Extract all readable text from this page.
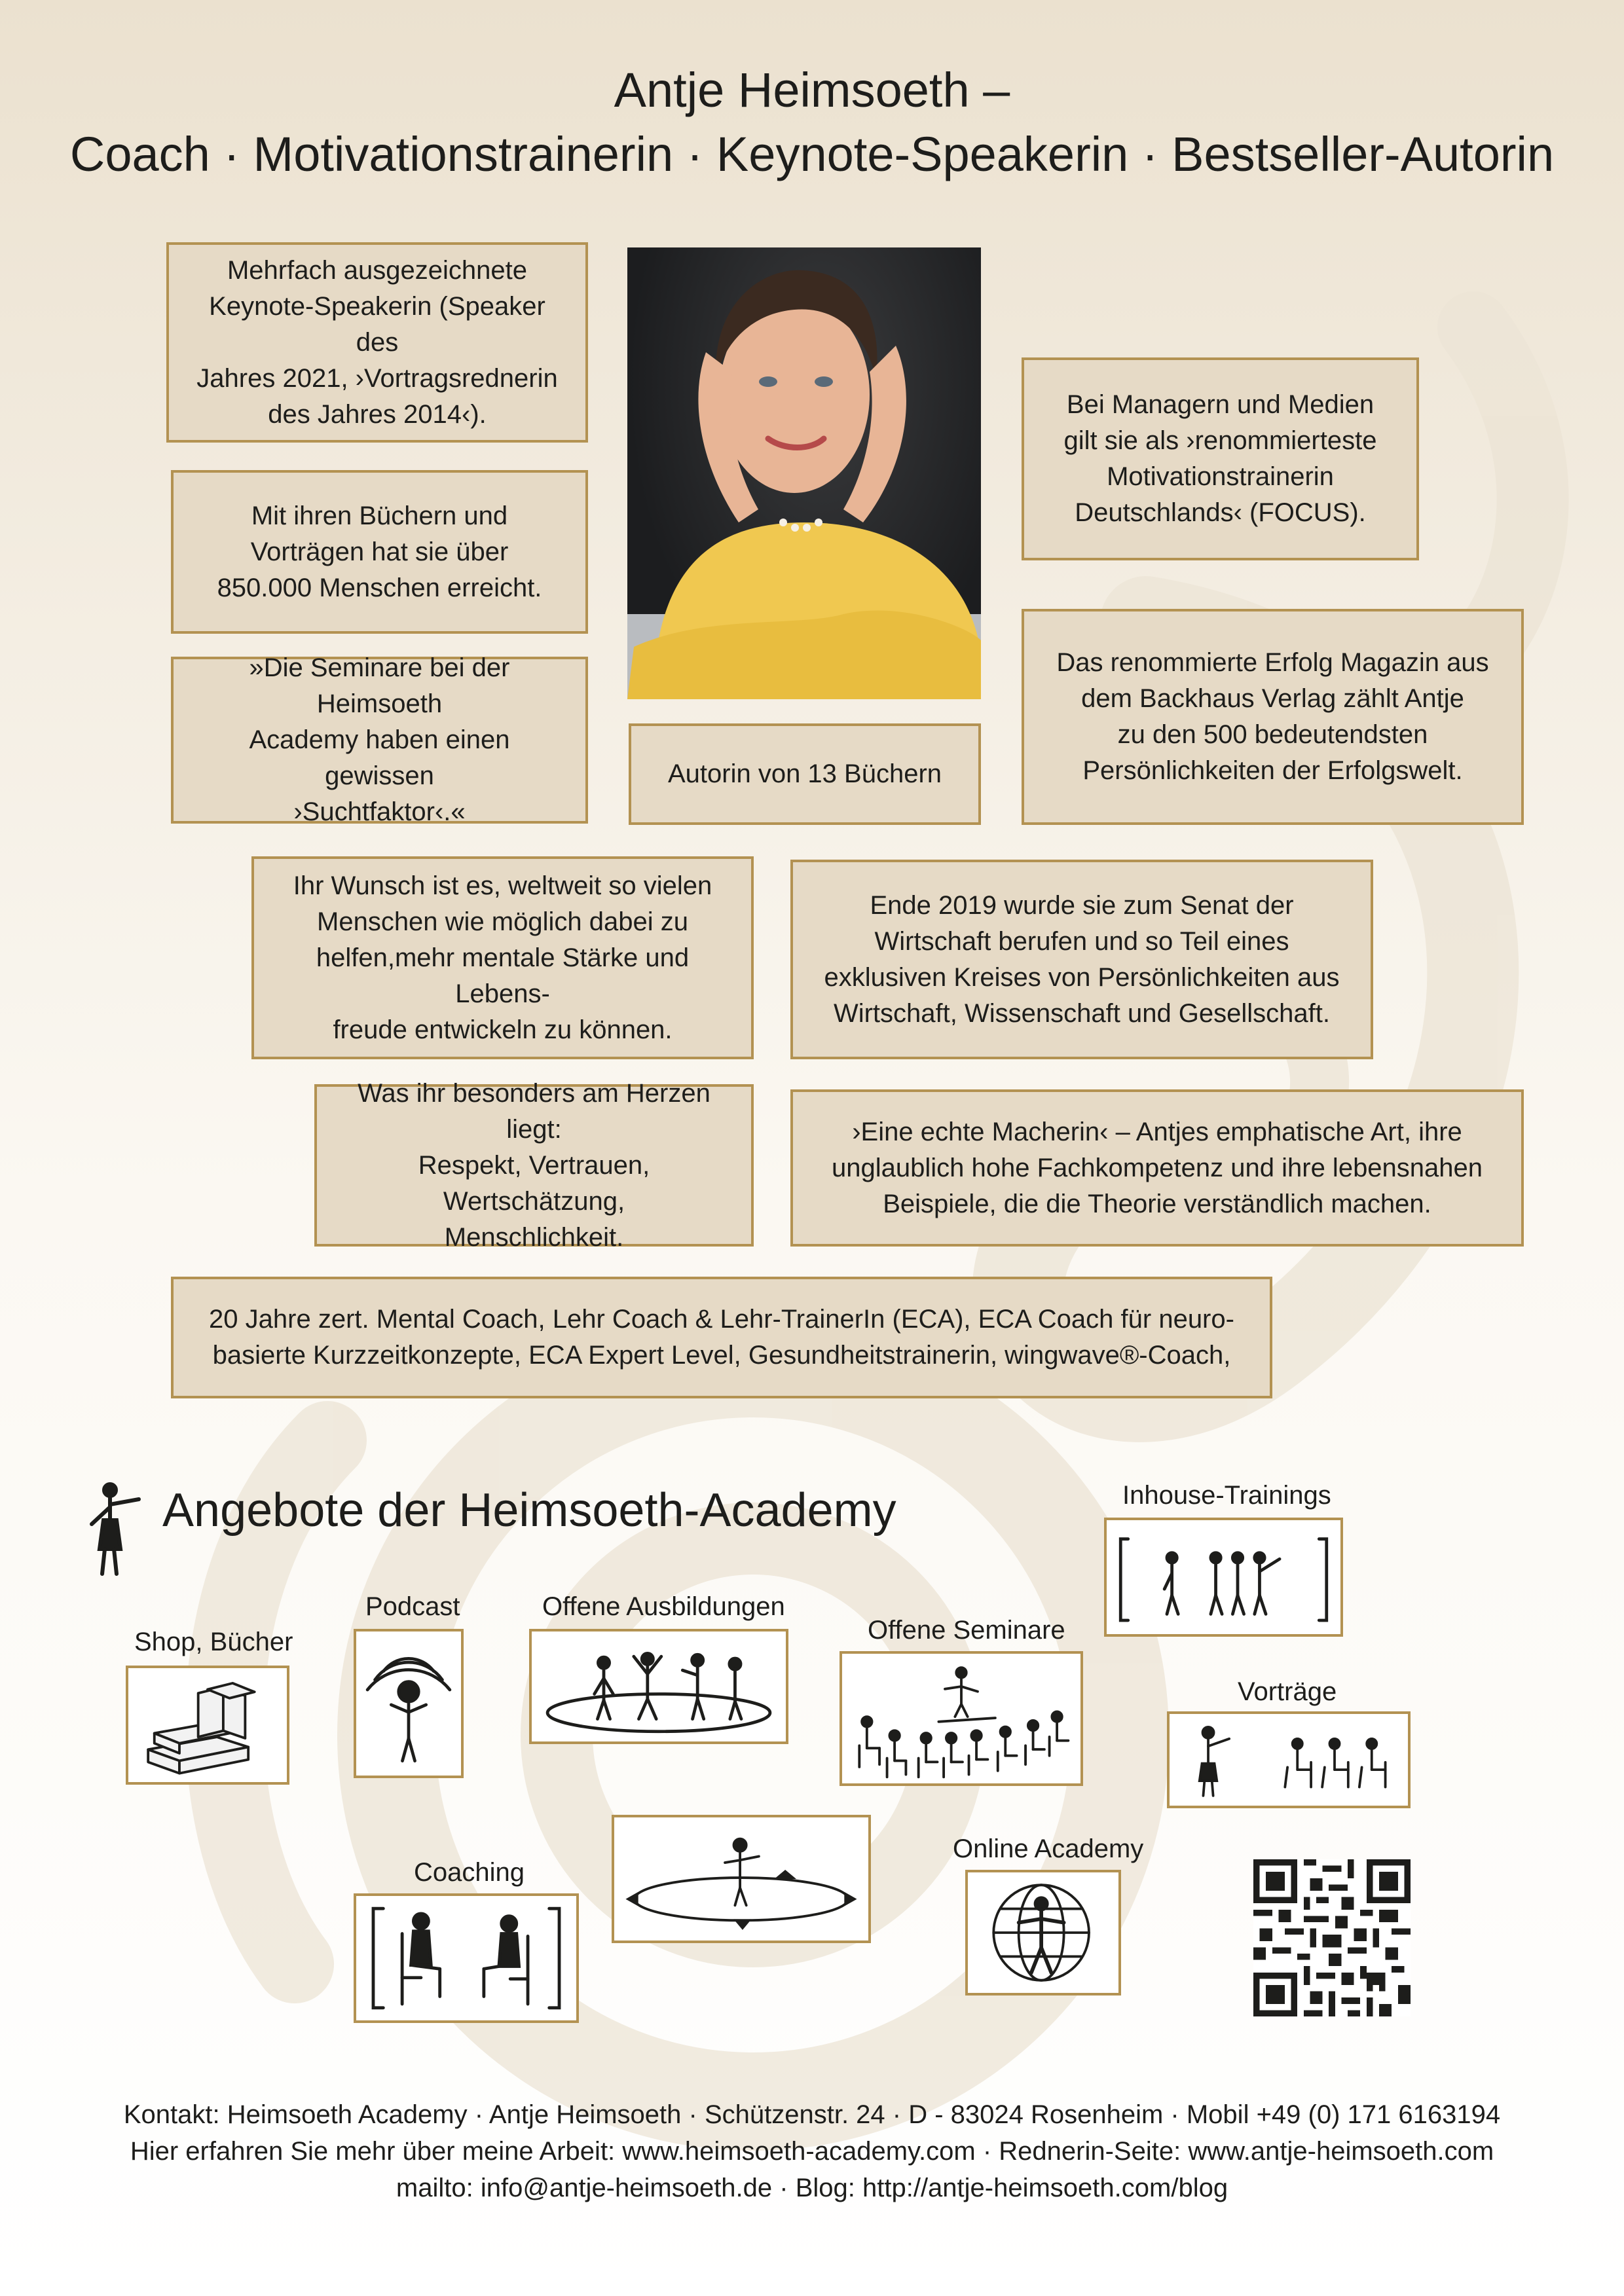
Antje Heimsoeth –
Coach · Motivationstrainerin · Keynote-Speakerin · Bestseller-Autorin
Mehrfach ausgezeichnete
Keynote-Speakerin (Speaker des
Jahres 2021, ›Vortragsrednerin
des Jahres 2014‹).
Mit ihren Büchern und
Vorträgen hat sie über
850.000 Menschen erreicht.
»Die Seminare bei der Heimsoeth
Academy haben einen gewissen
›Suchtfaktor‹.«
Autorin von 13 Büchern
Bei Managern und Medien
gilt sie als ›renommierteste
Motivationstrainerin
Deutschlands‹ (FOCUS).
Das renommierte Erfolg Magazin aus
dem Backhaus Verlag zählt Antje
zu den 500 bedeutendsten
Persönlichkeiten der Erfolgswelt.
Ihr Wunsch ist es, weltweit so vielen
Menschen wie möglich dabei zu
helfen,mehr mentale Stärke und Lebens-
freude entwickeln zu können.
Ende 2019 wurde sie zum Senat der
Wirtschaft berufen und so Teil eines
exklusiven Kreises von Persönlichkeiten aus
Wirtschaft, Wissenschaft und Gesellschaft.
Was ihr besonders am Herzen liegt:
Respekt, Vertrauen, Wertschätzung,
Menschlichkeit.
›Eine echte Macherin‹ – Antjes emphatische Art, ihre
unglaublich hohe Fachkompetenz und ihre lebensnahen
Beispiele, die die Theorie verständlich machen.
20 Jahre zert. Mental Coach, Lehr Coach & Lehr-TrainerIn (ECA), ECA Coach für neuro-
basierte Kurzzeitkonzepte, ECA Expert Level, Gesundheitstrainerin, wingwave®-Coach,
Angebote der Heimsoeth-Academy	Inhouse-Trainings
Podcast	Offene Ausbildungen
Shop, Bücher	Offene Seminare
Vorträge
Coaching
Online Academy
Kontakt: Heimsoeth Academy · Antje Heimsoeth · Schützenstr. 24 · D - 83024 Rosenheim · Mobil +49 (0) 171 6163194
Hier erfahren Sie mehr über meine Arbeit: www.heimsoeth-academy.com · Rednerin-Seite: www.antje-heimsoeth.com
mailto: info@antje-heimsoeth.de · Blog: http://antje-heimsoeth.com/blog
